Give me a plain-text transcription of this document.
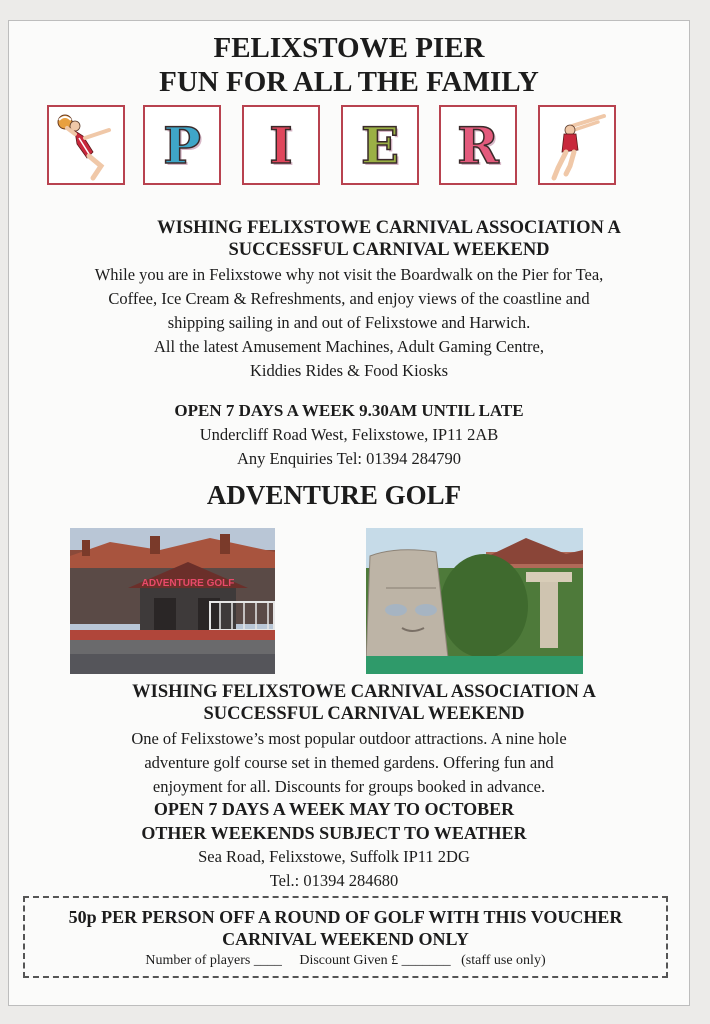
FELIXSTOWE PIER

FUN FOR ALL THE FAMILY

P I E R

WISHING FELIXSTOWE CARNIVAL ASSOCIATION A

SUCCESSFUL CARNIVAL WEEKEND

While you are in Felixstowe why not visit the Boardwalk on the Pier for Tea,

Coffee, Ice Cream & Refreshments, and enjoy views of the coastline and

shipping sailing in and out of Felixstowe and Harwich.

All the latest Amusement Machines, Adult Gaming Centre,

Kiddies Rides & Food Kiosks

OPEN 7 DAYS A WEEK 9.30AM UNTIL LATE

Undercliff Road West, Felixstowe, IP11 2AB

Any Enquiries Tel: 01394 284790

ADVENTURE GOLF

ADVENTURE GOLF

WISHING FELIXSTOWE CARNIVAL ASSOCIATION A

SUCCESSFUL CARNIVAL WEEKEND

One of Felixstowe’s most popular outdoor attractions. A nine hole

adventure golf course set in themed gardens. Offering fun and

enjoyment for all. Discounts for groups booked in advance.

OPEN 7 DAYS A WEEK MAY TO OCTOBER

OTHER WEEKENDS SUBJECT TO WEATHER

Sea Road, Felixstowe, Suffolk IP11 2DG

Tel.: 01394 284680

50p PER PERSON OFF A ROUND OF GOLF WITH THIS VOUCHER

CARNIVAL WEEKEND ONLY

Number of players ____ Discount Given £ _______ (staff use only)
